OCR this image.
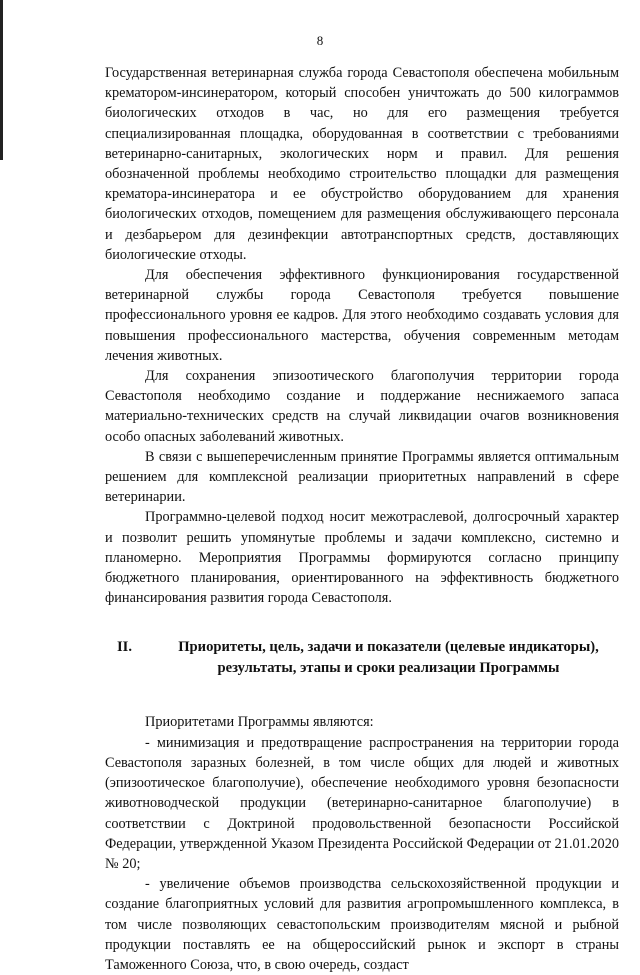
8

Государственная ветеринарная служба города Севастополя обеспечена мобильным крематором-инсинератором, который способен уничтожать до 500 килограммов биологических отходов в час, но для его размещения требуется специализированная площадка, оборудованная в соответствии с требованиями ветеринарно-санитарных, экологических норм и правил. Для решения обозначенной проблемы необходимо строительство площадки для размещения крематора-инсинератора и ее обустройство оборудованием для хранения биологических отходов, помещением для размещения обслуживающего персонала и дезбарьером для дезинфекции автотранспортных средств, доставляющих биологические отходы.

Для обеспечения эффективного функционирования государственной ветеринарной службы города Севастополя требуется повышение профессионального уровня ее кадров. Для этого необходимо создавать условия для повышения профессионального мастерства, обучения современным методам лечения животных.

Для сохранения эпизоотического благополучия территории города Севастополя необходимо создание и поддержание неснижаемого запаса материально-технических средств на случай ликвидации очагов возникновения особо опасных заболеваний животных.

В связи с вышеперечисленным принятие Программы является оптимальным решением для комплексной реализации приоритетных направлений в сфере ветеринарии.

Программно-целевой подход носит межотраслевой, долгосрочный характер и позволит решить упомянутые проблемы и задачи комплексно, системно и планомерно. Мероприятия Программы формируются согласно принципу бюджетного планирования, ориентированного на эффективность бюджетного финансирования развития города Севастополя.

II.	Приоритеты, цель, задачи и показатели (целевые индикаторы), результаты, этапы и сроки реализации Программы

Приоритетами Программы являются:

- минимизация и предотвращение распространения на территории города Севастополя заразных болезней, в том числе общих для людей и животных (эпизоотическое благополучие), обеспечение необходимого уровня безопасности животноводческой продукции (ветеринарно-санитарное благополучие) в соответствии с Доктриной продовольственной безопасности Российской Федерации, утвержденной Указом Президента Российской Федерации от 21.01.2020 № 20;

- увеличение объемов производства сельскохозяйственной продукции и создание благоприятных условий для развития агропромышленного комплекса, в том числе позволяющих севастопольским производителям мясной и рыбной продукции поставлять ее на общероссийский рынок и экспорт в страны Таможенного Союза, что, в свою очередь, создаст
